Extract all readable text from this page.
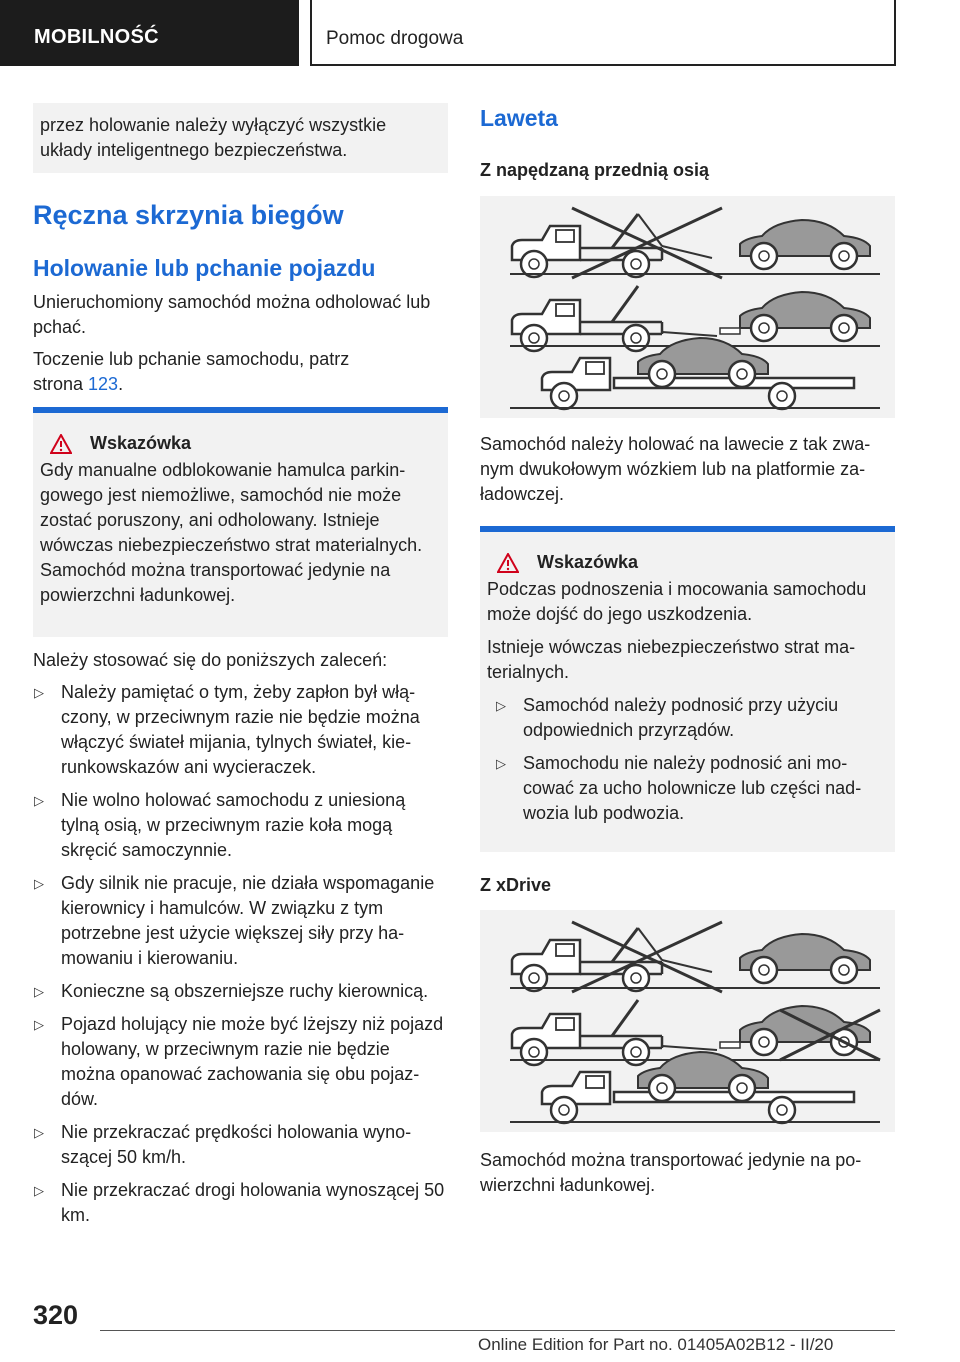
MOBILNOŚĆ	Pomoc drogowa

przez holowanie należy wyłączyć wszystkie układy inteligentnego bezpieczeństwa.

Ręczna skrzynia biegów
Holowanie lub pchanie pojazdu

Unieruchomiony samochód można odholować lub pchać.

Toczenie lub pchanie samochodu, patrz strona 123.

Wskazówka

Gdy manualne odblokowanie hamulca parkingowego jest niemożliwe, samochód nie może zostać poruszony, ani odholowany. Istnieje wówczas niebezpieczeństwo strat materialnych. Samochód można transportować jedynie na powierzchni ładunkowej.

Należy stosować się do poniższych zaleceń:

▷ Należy pamiętać o tym, żeby zapłon był włączony, w przeciwnym razie nie będzie można włączyć świateł mijania, tylnych świateł, kierunkowskazów ani wycieraczek.
▷ Nie wolno holować samochodu z uniesioną tylną osią, w przeciwnym razie koła mogą skręcić samoczynnie.
▷ Gdy silnik nie pracuje, nie działa wspomaganie kierownicy i hamulców. W związku z tym potrzebne jest użycie większej siły przy hamowaniu i kierowaniu.
▷ Konieczne są obszerniejsze ruchy kierownicą.
▷ Pojazd holujący nie może być lżejszy niż pojazd holowany, w przeciwnym razie nie będzie można opanować zachowania się obu pojazdów.
▷ Nie przekraczać prędkości holowania wynoszącej 50 km/h.
▷ Nie przekraczać drogi holowania wynoszącej 50 km.
Laweta
Z napędzaną przednią osią

Samochód należy holować na lawecie z tak zwanym dwukołowym wózkiem lub na platformie załadowczej.

Wskazówka

Podczas podnoszenia i mocowania samochodu może dojść do jego uszkodzenia.

Istnieje wówczas niebezpieczeństwo strat materialnych.

▷ Samochód należy podnosić przy użyciu odpowiednich przyrządów.
▷ Samochodu nie należy podnosić ani mocować za ucho holownicze lub części nadwozia lub podwozia.
Z xDrive

Samochód można transportować jedynie na powierzchni ładunkowej.

320
Online Edition for Part no. 01405A02B12 - II/20
